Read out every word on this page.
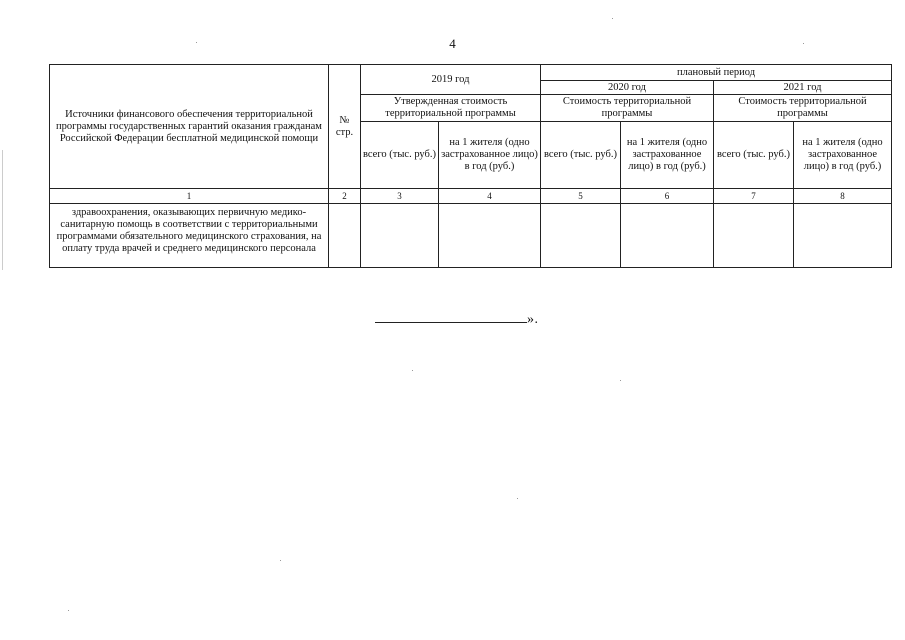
4
Источники финансового обеспечения территориальной программы государственных гарантий оказания гражданам Российской Федерации бесплатной медицинской помощи	№ стр.	2019 год		плановый период			
				2020 год		2021 год	
		Утвержденная стоимость территориальной программы		Стоимость территориальной программы		Стоимость территориальной программы	
		всего (тыс. руб.)	на 1 жителя (одно застрахованное лицо) в год (руб.)	всего (тыс. руб.)	на 1 жителя (одно застрахованное лицо) в год (руб.)	всего (тыс. руб.)	на 1 жителя (одно застрахованное лицо) в год (руб.)
1	2	3	4	5	6	7	8
здравоохранения, оказывающих первичную медико-санитарную помощь в соответствии с территориальными программами обязательного медицинского страхования, на оплату труда врачей и среднего медицинского персонала							
».
